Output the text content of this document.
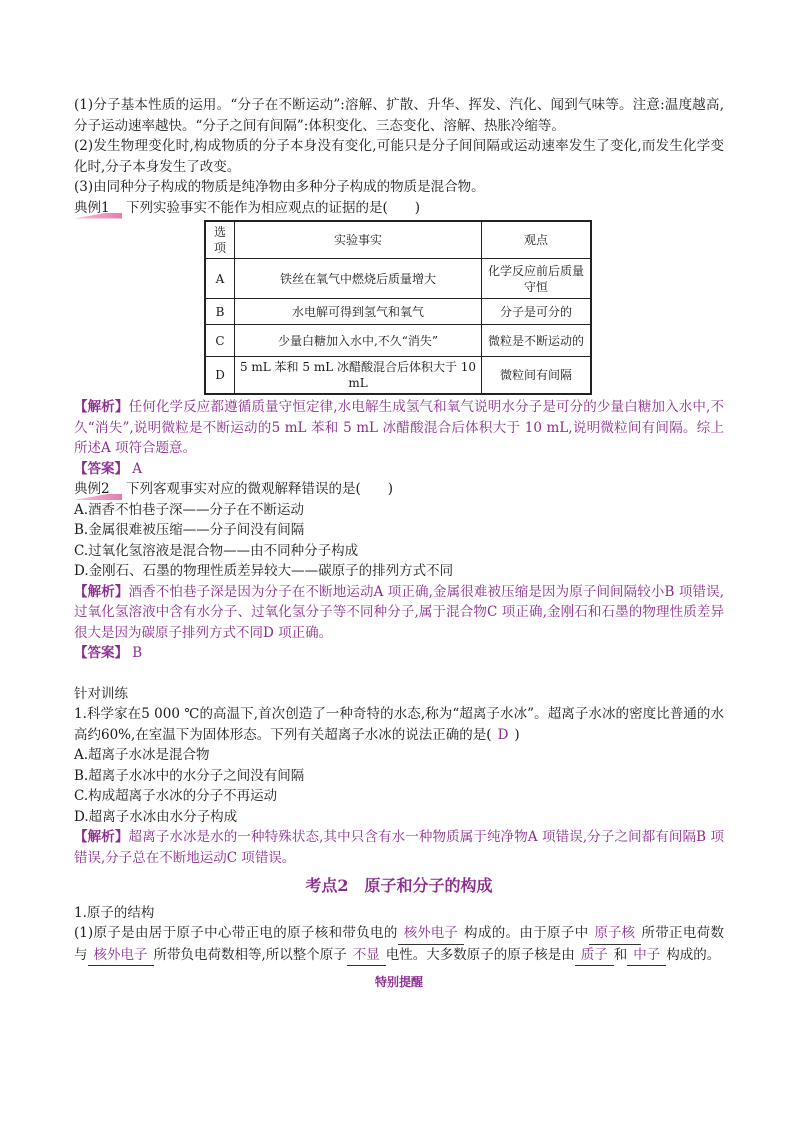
(1)分子基本性质的运用。“分子在不断运动”:溶解、扩散、升华、挥发、汽化、闻到气味等。注意:温度越高,分子运动速率越快。“分子之间有间隔”:体积变化、三态变化、溶解、热胀冷缩等。

(2)发生物理变化时,构成物质的分子本身没有变化,可能只是分子间间隔或运动速率发生了变化,而发生化学变化时,分子本身发生了改变。

(3)由同种分子构成的物质是纯净物由多种分子构成的物质是混合物。

典例1 下列实验事实不能作为相应观点的证据的是(　　)

选项	实验事实	观点
A	铁丝在氧气中燃烧后质量增大	化学反应前后质量守恒
B	水电解可得到氢气和氧气	分子是可分的
C	少量白糖加入水中,不久“消失”	微粒是不断运动的
D	5 mL 苯和 5 mL 冰醋酸混合后体积大于 10 mL	微粒间有间隔

【解析】任何化学反应都遵循质量守恒定律,水电解生成氢气和氧气说明水分子是可分的少量白糖加入水中,不久“消失”,说明微粒是不断运动的5 mL 苯和 5 mL 冰醋酸混合后体积大于 10 mL,说明微粒间有间隔。综上所述A 项符合题意。

【答案】 A

典例2 下列客观事实对应的微观解释错误的是(　　)

A.酒香不怕巷子深——分子在不断运动

B.金属很难被压缩——分子间没有间隔

C.过氧化氢溶液是混合物——由不同种分子构成

D.金刚石、石墨的物理性质差异较大——碳原子的排列方式不同

【解析】酒香不怕巷子深是因为分子在不断地运动A 项正确,金属很难被压缩是因为原子间间隔较小B 项错误,过氧化氢溶液中含有水分子、过氧化氢分子等不同种分子,属于混合物C 项正确,金刚石和石墨的物理性质差异很大是因为碳原子排列方式不同D 项正确。

【答案】 B

针对训练

1.科学家在5 000 ℃的高温下,首次创造了一种奇特的水态,称为“超离子水冰”。超离子水冰的密度比普通的水高约60%,在室温下为固体形态。下列有关超离子水冰的说法正确的是( D )

A.超离子水冰是混合物

B.超离子水冰中的水分子之间没有间隔

C.构成超离子水冰的分子不再运动

D.超离子水冰由水分子构成

【解析】超离子水冰是水的一种特殊状态,其中只含有水一种物质属于纯净物A 项错误,分子之间都有间隔B 项错误,分子总在不断地运动C 项错误。

考点2　原子和分子的构成

1.原子的结构

(1)原子是由居于原子中心带正电的原子核和带负电的 核外电子 构成的。由于原子中 原子核 所带正电荷数与 核外电子 所带负电荷数相等,所以整个原子 不显 电性。大多数原子的原子核是由 质子 和 中子 构成的。

特别提醒
